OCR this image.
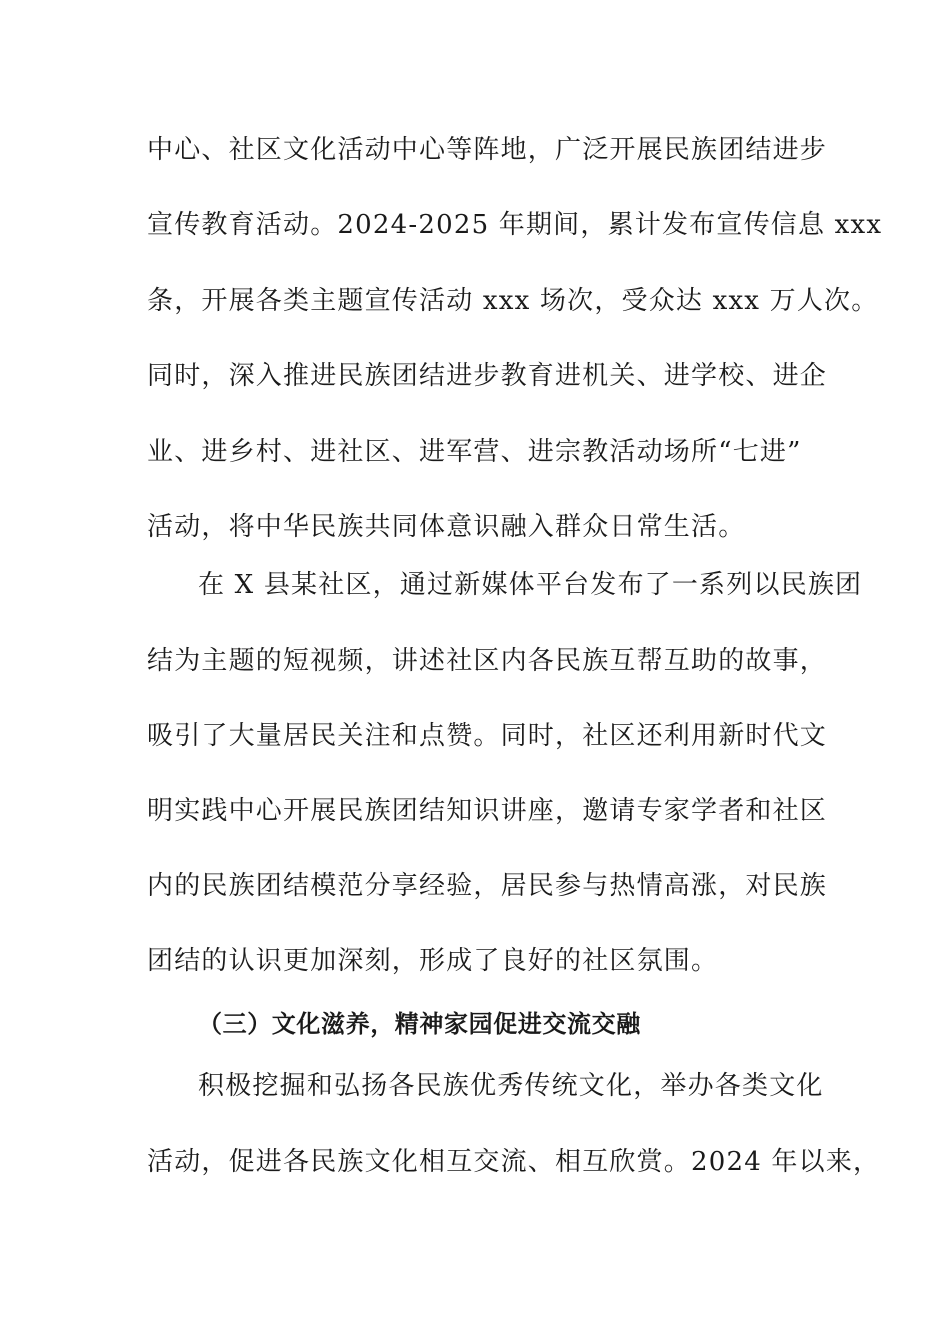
中心、社区文化活动中心等阵地，广泛开展民族团结进步
宣传教育活动。2024-2025 年期间，累计发布宣传信息 xxx
条，开展各类主题宣传活动 xxx 场次，受众达 xxx 万人次。
同时，深入推进民族团结进步教育进机关、进学校、进企
业、进乡村、进社区、进军营、进宗教活动场所“七进”
活动，将中华民族共同体意识融入群众日常生活。
在 X 县某社区，通过新媒体平台发布了一系列以民族团
结为主题的短视频，讲述社区内各民族互帮互助的故事，
吸引了大量居民关注和点赞。同时，社区还利用新时代文
明实践中心开展民族团结知识讲座，邀请专家学者和社区
内的民族团结模范分享经验，居民参与热情高涨，对民族
团结的认识更加深刻，形成了良好的社区氛围。
（三）文化滋养，精神家园促进交流交融
积极挖掘和弘扬各民族优秀传统文化，举办各类文化
活动，促进各民族文化相互交流、相互欣赏。2024 年以来，
